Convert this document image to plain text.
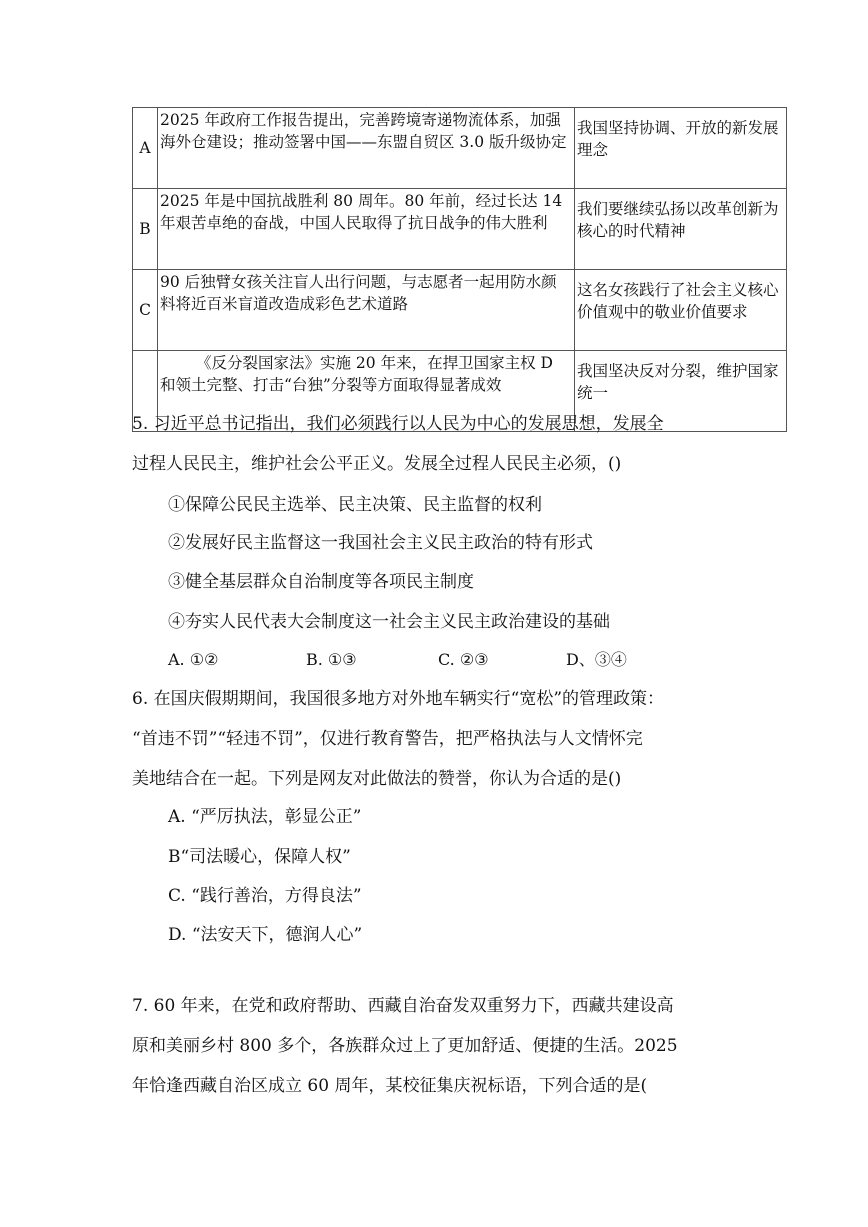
A	2025 年政府工作报告提出，完善跨境寄递物流体系，加强海外仓建设；推动签署中国——东盟自贸区 3.0 版升级协定	我国坚持协调、开放的新发展理念
B	2025 年是中国抗战胜利 80 周年。80 年前，经过长达 14 年艰苦卓绝的奋战，中国人民取得了抗日战争的伟大胜利	我们要继续弘扬以改革创新为核心的时代精神
C	90 后独臂女孩关注盲人出行问题，与志愿者一起用防水颜料将近百米盲道改造成彩色艺术道路	这名女孩践行了社会主义核心价值观中的敬业价值要求
	《反分裂国家法》实施 20 年来，在捍卫国家主权 D 和领土完整、打击“台独”分裂等方面取得显著成效	我国坚决反对分裂，维护国家统一
5. 习近平总书记指出，我们必须践行以人民为中心的发展思想，发展全
过程人民民主，维护社会公平正义。发展全过程人民民主必须，()
①保障公民民主选举、民主决策、民主监督的权利
②发展好民主监督这一我国社会主义民主政治的特有形式
③健全基层群众自治制度等各项民主制度
④夯实人民代表大会制度这一社会主义民主政治建设的基础
A. ①②	B. ①③	C. ②③	D、③④
6. 在国庆假期期间，我国很多地方对外地车辆实行“宽松”的管理政策：
“首违不罚”“轻违不罚”，仅进行教育警告，把严格执法与人文情怀完
美地结合在一起。下列是网友对此做法的赞誉，你认为合适的是()
A. “严厉执法，彰显公正”
B“司法暖心，保障人权”
C. “践行善治，方得良法”
D. “法安天下，德润人心”
7. 60 年来，在党和政府帮助、西藏自治奋发双重努力下，西藏共建设高
原和美丽乡村 800 多个，各族群众过上了更加舒适、便捷的生活。2025
年恰逢西藏自治区成立 60 周年，某校征集庆祝标语，下列合适的是(
